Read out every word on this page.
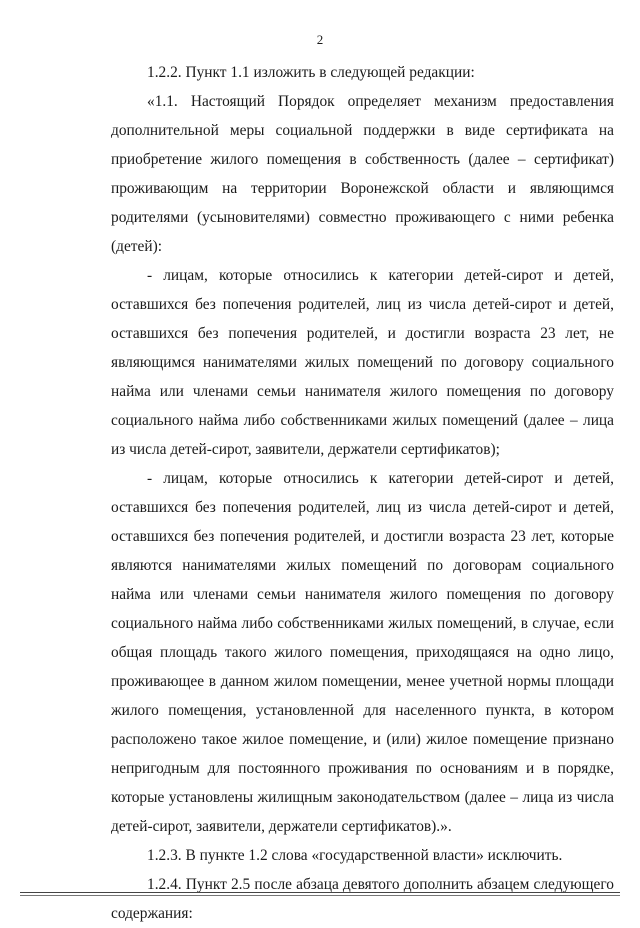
2

1.2.2. Пункт 1.1 изложить в следующей редакции:

«1.1. Настоящий Порядок определяет механизм предоставления дополнительной меры социальной поддержки в виде сертификата на приобретение жилого помещения в собственность (далее – сертификат) проживающим на территории Воронежской области и являющимся родителями (усыновителями) совместно проживающего с ними ребенка (детей):

- лицам, которые относились к категории детей-сирот и детей, оставшихся без попечения родителей, лиц из числа детей-сирот и детей, оставшихся без попечения родителей, и достигли возраста 23 лет, не являющимся нанимателями жилых помещений по договору социального найма или членами семьи нанимателя жилого помещения по договору социального найма либо собственниками жилых помещений (далее – лица из числа детей-сирот, заявители, держатели сертификатов);

- лицам, которые относились к категории детей-сирот и детей, оставшихся без попечения родителей, лиц из числа детей-сирот и детей, оставшихся без попечения родителей, и достигли возраста 23 лет, которые являются нанимателями жилых помещений по договорам социального найма или членами семьи нанимателя жилого помещения по договору социального найма либо собственниками жилых помещений, в случае, если общая площадь такого жилого помещения, приходящаяся на одно лицо, проживающее в данном жилом помещении, менее учетной нормы площади жилого помещения, установленной для населенного пункта, в котором расположено такое жилое помещение, и (или) жилое помещение признано непригодным для постоянного проживания по основаниям и в порядке, которые установлены жилищным законодательством (далее – лица из числа детей-сирот, заявители, держатели сертификатов).».

1.2.3. В пункте 1.2 слова «государственной власти» исключить.

1.2.4. Пункт 2.5 после абзаца девятого дополнить абзацем следующего содержания:
